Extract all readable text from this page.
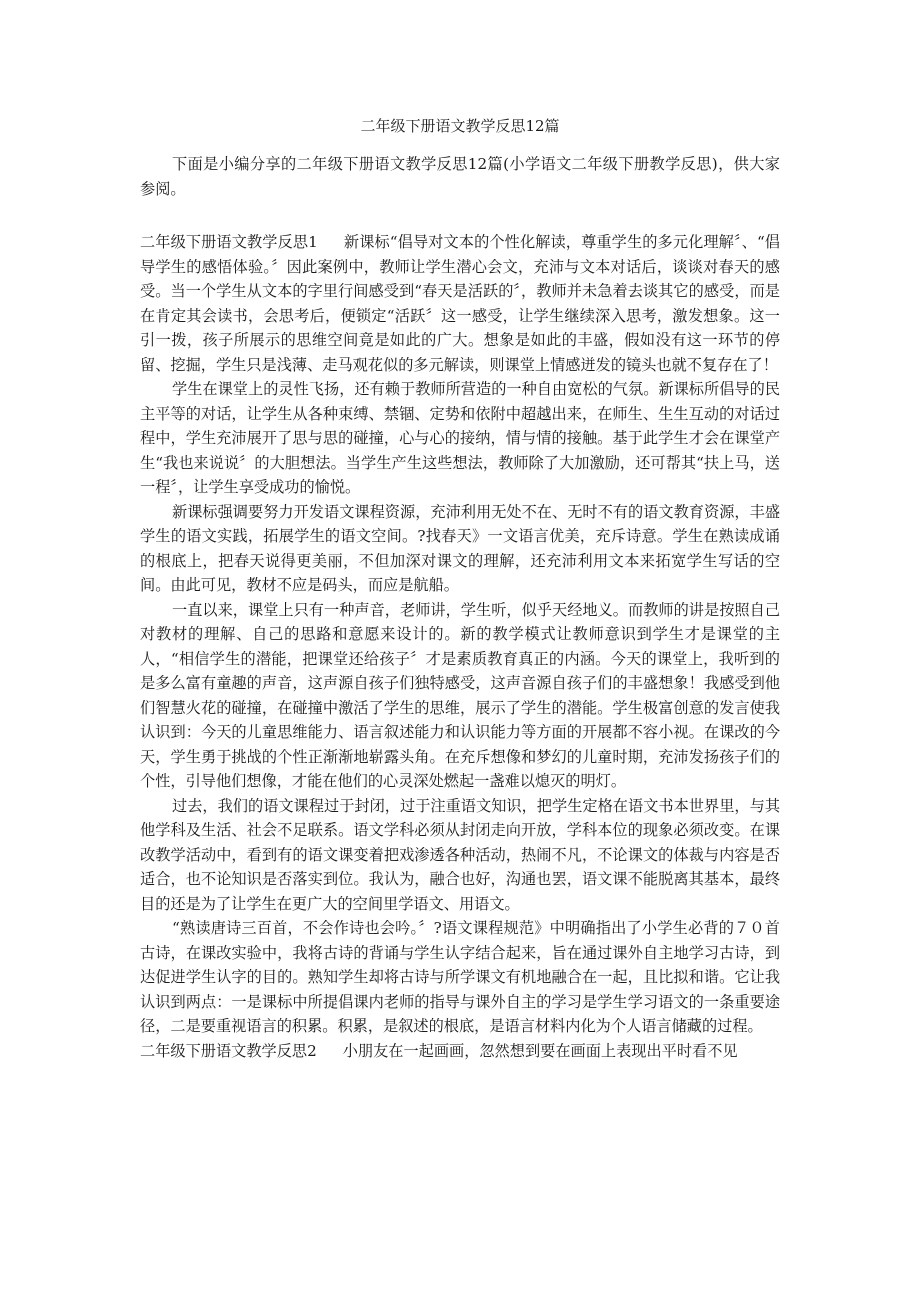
二年级下册语文教学反思12篇

下面是小编分享的二年级下册语文教学反思12篇(小学语文二年级下册教学反思)，供大家参阅。

二年级下册语文教学反思1 新课标“倡导对文本的个性化解读，尊重学生的多元化理解〞、“倡导学生的感悟体验。〞因此案例中，教师让学生潜心会文，充沛与文本对话后，谈谈对春天的感受。当一个学生从文本的字里行间感受到“春天是活跃的〞，教师并未急着去谈其它的感受，而是在肯定其会读书，会思考后，便锁定“活跃〞这一感受，让学生继续深入思考，激发想象。这一引一拨，孩子所展示的思维空间竟是如此的广大。想象是如此的丰盛，假如没有这一环节的停留、挖掘，学生只是浅薄、走马观花似的多元解读，则课堂上情感迸发的镜头也就不复存在了！

学生在课堂上的灵性飞扬，还有赖于教师所营造的一种自由宽松的气氛。新课标所倡导的民主平等的对话，让学生从各种束缚、禁锢、定势和依附中超越出来，在师生、生生互动的对话过程中，学生充沛展开了思与思的碰撞，心与心的接纳，情与情的接触。基于此学生才会在课堂产生“我也来说说〞的大胆想法。当学生产生这些想法，教师除了大加激励，还可帮其“扶上马，送一程〞，让学生享受成功的愉悦。

新课标强调要努力开发语文课程资源，充沛利用无处不在、无时不有的语文教育资源，丰盛学生的语文实践，拓展学生的语文空间。?找春天》一文语言优美，充斥诗意。学生在熟读成诵的根底上，把春天说得更美丽，不但加深对课文的理解，还充沛利用文本来拓宽学生写话的空间。由此可见，教材不应是码头，而应是航船。

一直以来，课堂上只有一种声音，老师讲，学生听，似乎天经地义。而教师的讲是按照自己对教材的理解、自己的思路和意愿来设计的。新的教学模式让教师意识到学生才是课堂的主人，“相信学生的潜能，把课堂还给孩子〞才是素质教育真正的内涵。今天的课堂上，我听到的是多么富有童趣的声音，这声源自孩子们独特感受，这声音源自孩子们的丰盛想象！我感受到他们智慧火花的碰撞，在碰撞中激活了学生的思维，展示了学生的潜能。学生极富创意的发言使我认识到：今天的儿童思维能力、语言叙述能力和认识能力等方面的开展都不容小视。在课改的今天，学生勇于挑战的个性正渐渐地崭露头角。在充斥想像和梦幻的儿童时期，充沛发扬孩子们的个性，引导他们想像，才能在他们的心灵深处燃起一盏难以熄灭的明灯。

过去，我们的语文课程过于封闭，过于注重语文知识，把学生定格在语文书本世界里，与其他学科及生活、社会不足联系。语文学科必须从封闭走向开放，学科本位的现象必须改变。在课改教学活动中，看到有的语文课变着把戏渗透各种活动，热闹不凡，不论课文的体裁与内容是否适合，也不论知识是否落实到位。我认为，融合也好，沟通也罢，语文课不能脱离其基本，最终目的还是为了让学生在更广大的空间里学语文、用语文。

“熟读唐诗三百首，不会作诗也会吟。〞?语文课程规范》中明确指出了小学生必背的７０首古诗，在课改实验中，我将古诗的背诵与学生认字结合起来，旨在通过课外自主地学习古诗，到达促进学生认字的目的。熟知学生却将古诗与所学课文有机地融合在一起，且比拟和谐。它让我认识到两点：一是课标中所提倡课内老师的指导与课外自主的学习是学生学习语文的一条重要途径，二是要重视语言的积累。积累，是叙述的根底，是语言材料内化为个人语言储藏的过程。

二年级下册语文教学反思2 小朋友在一起画画，忽然想到要在画面上表现出平时看不见
